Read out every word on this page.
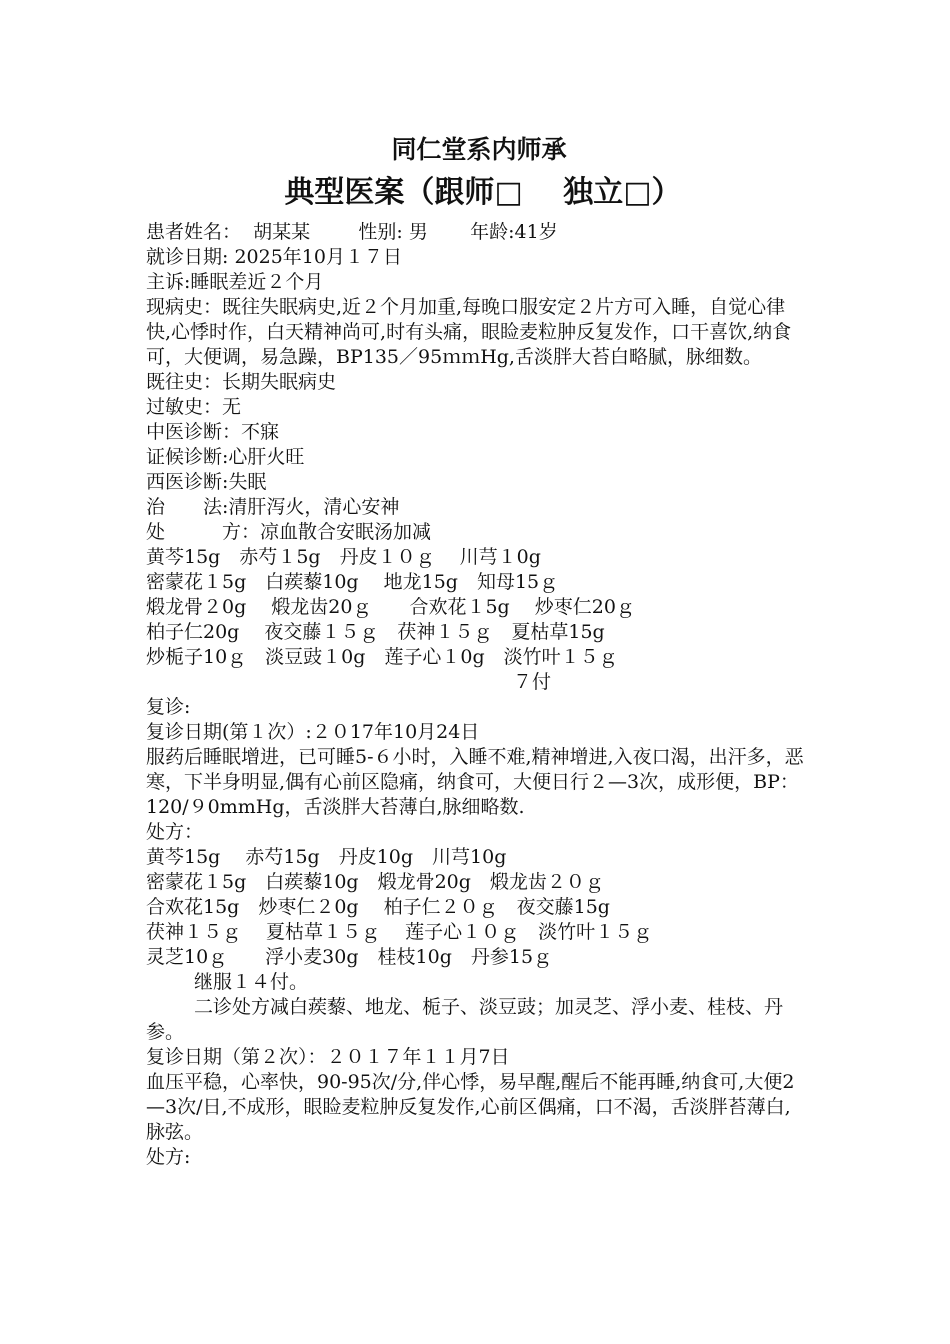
同仁堂系内师承
典型医案（跟师□　 独立□）
患者姓名：  胡某某        性别: 男       年龄:41岁
就诊日期: 2025年10月１７日
主诉:睡眠差近２个月
现病史：既往失眠病史,近２个月加重,每晚口服安定２片方可入睡，自觉心律快,心悸时作，白天精神尚可,时有头痛，眼睑麦粒肿反复发作，口干喜饮,纳食可，大便调，易急躁，BP135／95ｍｍHg,舌淡胖大苔白略腻，脉细数。
既往史：长期失眠病史
过敏史：无
中医诊断：不寐
证候诊断:心肝火旺
西医诊断:失眠
治　　法:清肝泻火，清心安神
处　　　方：凉血散合安眠汤加减
黄芩15g　赤芍１5g　丹皮１０ｇ　 川芎１0g
密蒙花１5g　白蒺藜10g　 地龙15g　知母15ｇ
煅龙骨２0g　 煅龙齿20ｇ　　合欢花１5g　 炒枣仁20ｇ
柏子仁20g　 夜交藤１５ｇ　茯神１５ｇ　夏枯草15g
炒栀子10ｇ　淡豆豉１0g　莲子心１0g　淡竹叶１５ｇ
７付
复诊:
复诊日期(第１次）:２０17年10月24日
服药后睡眠增进，已可睡5-６小时，入睡不难,精神增进,入夜口渴，出汗多，恶寒，下半身明显,偶有心前区隐痛，纳食可，大便日行２—3次，成形便，BP：120/９0mmHg，舌淡胖大苔薄白,脉细略数.
处方：
黄芩15g　 赤芍15g　丹皮10g　川芎10g
密蒙花１5g　白蒺藜10g　煅龙骨20g　煅龙齿２０ｇ
合欢花15g　炒枣仁２0g　 柏子仁２０ｇ　夜交藤15g
茯神１５ｇ　 夏枯草１５ｇ　 莲子心１０ｇ　淡竹叶１５ｇ
灵芝10ｇ　　浮小麦30g　桂枝10g　丹参15ｇ
继服１４付。
二诊处方减白蒺藜、地龙、栀子、淡豆豉；加灵芝、浮小麦、桂枝、丹参。
复诊日期（第２次）：２０１７年１１月7日
血压平稳，心率快，90-95次/分,伴心悸，易早醒,醒后不能再睡,纳食可,大便2—3次/日,不成形，眼睑麦粒肿反复发作,心前区偶痛，口不渴，舌淡胖苔薄白,脉弦。
处方:
